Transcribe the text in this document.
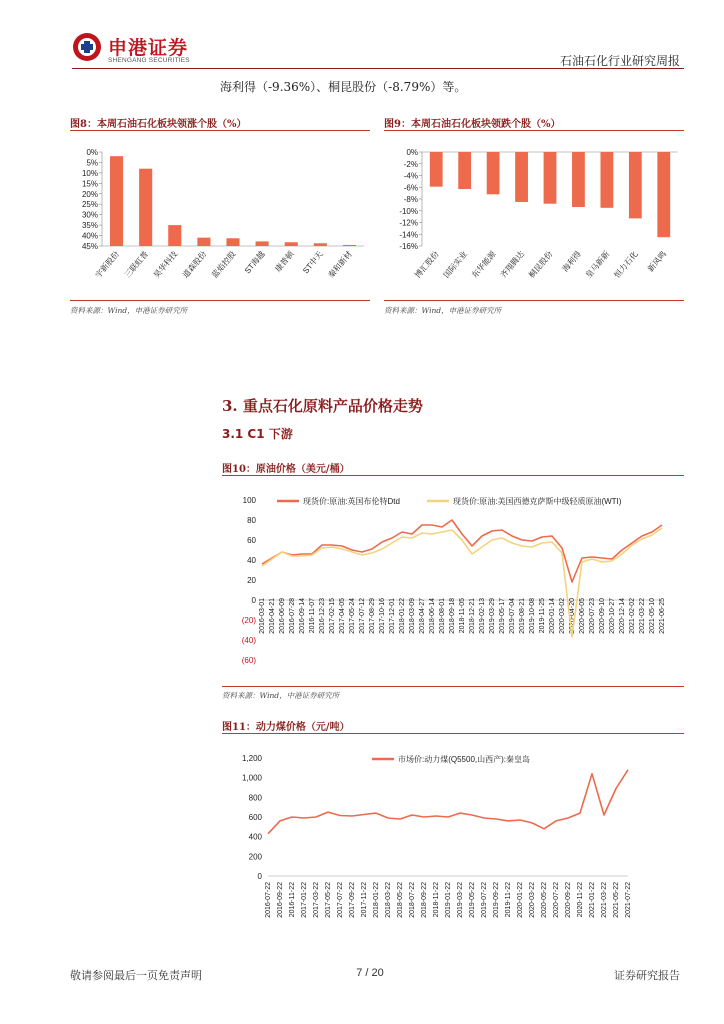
申港证券
SHENGANG SECURITIES	石油石化行业研究周报
海利得（-9.36%）、桐昆股份（-8.79%）等。
图8：本周石油石化板块领涨个股（%）
0%
5%
10%
15%
20%
25%
30%
35%
40%
45%
宇新股份 三联虹普 昊华科技 道森股份 蓝焰控股 ST海越 康普顿 ST中天 秦和新材
资料来源：Wind，申港证券研究所
图9：本周石油石化板块领跌个股（%）
0%
-2%
-4%
-6%
-8%
-10%
-12%
-14%
-16%
博汇股份 国际实业 东华能源 齐翔腾达 桐昆股份 海利得 皇马新新 恒力石化 新风鸣
资料来源：Wind，申港证券研究所
3. 重点石化原料产品价格走势
3.1 C1 下游
图10：原油价格（美元/桶）
100
80
60
40
20
0
(20)
(40)
(60)
2016-03-01 2016-04-21 2016-06-09 2016-07-28 2016-09-14 2016-11-07 2016-12-23 2017-02-15 2017-04-05 2017-05-24 2017-07-12 2017-08-29 2017-10-16 2017-12-01 2018-01-22 2018-03-09 2018-04-27 2018-06-14 2018-08-01 2018-09-18 2018-11-05 2018-12-21 2019-02-13 2019-03-29 2019-05-17 2019-07-04 2019-08-21 2019-10-08 2019-11-25 2020-01-14 2020-03-02 2020-04-20 2020-06-05 2020-07-23 2020-09-10 2020-10-27 2020-12-14 2021-02-02 2021-03-22 2021-05-10 2021-06-25
现货价:原油:英国布伦特Dtd	现货价:原油:美国西德克萨斯中级轻质原油(WTI)
资料来源：Wind，中港证券研究所
图11：动力煤价格（元/吨）
1,200
1,000
800
600
400
200
0
2016-07-22 2016-09-22 2016-11-22 2017-01-22 2017-03-22 2017-05-22 2017-07-22 2017-09-22 2017-11-22 2018-01-22 2018-03-22 2018-05-22 2018-07-22 2018-09-22 2018-11-22 2019-01-22 2019-03-22 2019-05-22 2019-07-22 2019-09-22 2019-11-22 2020-01-22 2020-03-22 2020-05-22 2020-07-22 2020-09-22 2020-11-22 2021-01-22 2021-03-22 2021-05-22 2021-07-22
市场价:动力煤(Q5500,山西产):秦皇岛
敬请参阅最后一页免责声明	7 / 20	证券研究报告
